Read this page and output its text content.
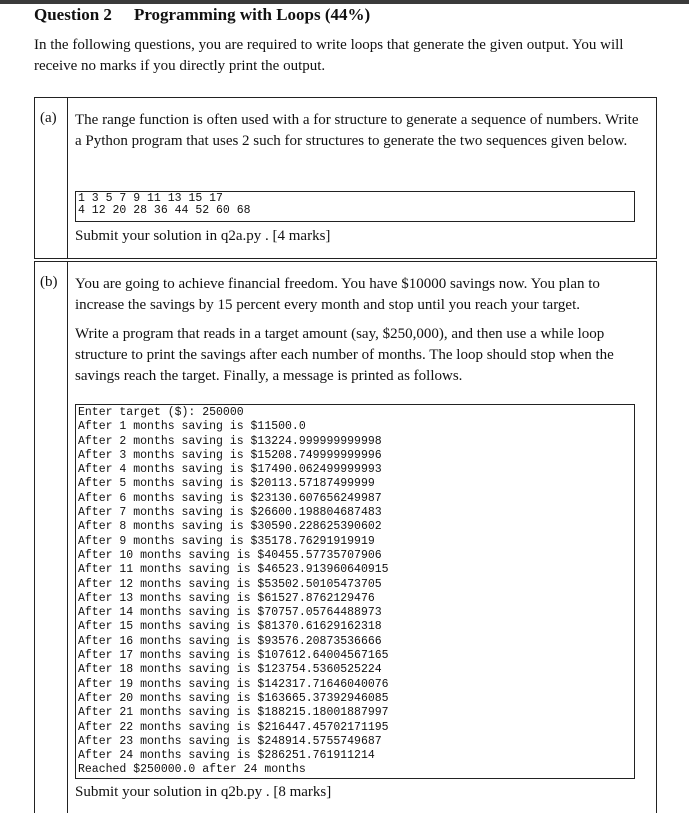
Question 2 Programming with Loops (44%)
In the following questions, you are required to write loops that generate the given output. You will receive no marks if you directly print the output.
(a) The range function is often used with a for structure to generate a sequence of numbers. Write a Python program that uses 2 such for structures to generate the two sequences given below.
1 3 5 7 9 11 13 15 17
4 12 20 28 36 44 52 60 68
Submit your solution in q2a.py . [4 marks]
(b) You are going to achieve financial freedom. You have $10000 savings now. You plan to increase the savings by 15 percent every month and stop until you reach your target.
Write a program that reads in a target amount (say, $250,000), and then use a while loop structure to print the savings after each number of months. The loop should stop when the savings reach the target. Finally, a message is printed as follows.
Enter target ($): 250000
After 1 months saving is $11500.0
After 2 months saving is $13224.999999999998
After 3 months saving is $15208.749999999996
After 4 months saving is $17490.062499999993
After 5 months saving is $20113.57187499999
After 6 months saving is $23130.607656249987
After 7 months saving is $26600.198804687483
After 8 months saving is $30590.228625390602
After 9 months saving is $35178.76291919919
After 10 months saving is $40455.57735707906
After 11 months saving is $46523.913960640915
After 12 months saving is $53502.50105473705
After 13 months saving is $61527.8762129476
After 14 months saving is $70757.05764488973
After 15 months saving is $81370.61629162318
After 16 months saving is $93576.20873536666
After 17 months saving is $107612.64004567165
After 18 months saving is $123754.5360525224
After 19 months saving is $142317.71646040076
After 20 months saving is $163665.37392946085
After 21 months saving is $188215.18001887997
After 22 months saving is $216447.45702171195
After 23 months saving is $248914.5755749687
After 24 months saving is $286251.761911214
Reached $250000.0 after 24 months
Submit your solution in q2b.py . [8 marks]
